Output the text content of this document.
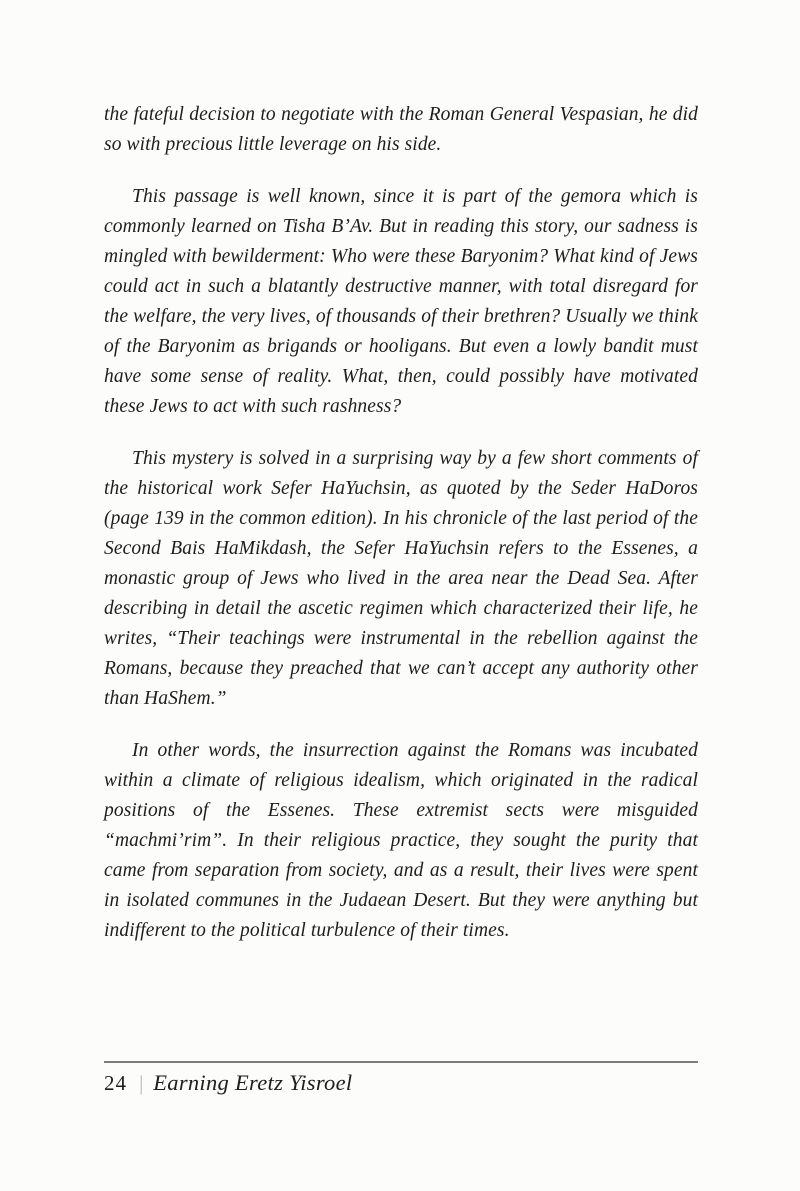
the fateful decision to negotiate with the Roman General Vespasian, he did so with precious little leverage on his side.

This passage is well known, since it is part of the gemora which is commonly learned on Tisha B’Av. But in reading this story, our sadness is mingled with bewilderment: Who were these Baryonim? What kind of Jews could act in such a blatantly destructive manner, with total disregard for the welfare, the very lives, of thousands of their brethren? Usually we think of the Baryonim as brigands or hooligans. But even a lowly bandit must have some sense of reality. What, then, could possibly have motivated these Jews to act with such rashness?

This mystery is solved in a surprising way by a few short comments of the historical work Sefer HaYuchsin, as quoted by the Seder HaDoros (page 139 in the common edition). In his chronicle of the last period of the Second Bais HaMikdash, the Sefer HaYuchsin refers to the Essenes, a monastic group of Jews who lived in the area near the Dead Sea. After describing in detail the ascetic regimen which characterized their life, he writes, “Their teachings were instrumental in the rebellion against the Romans, because they preached that we can’t accept any authority other than HaShem.”

In other words, the insurrection against the Romans was incubated within a climate of religious idealism, which originated in the radical positions of the Essenes. These extremist sects were misguided “machmi’rim”. In their religious practice, they sought the purity that came from separation from society, and as a result, their lives were spent in isolated communes in the Judaean Desert. But they were anything but indifferent to the political turbulence of their times.

24 | Earning Eretz Yisroel
